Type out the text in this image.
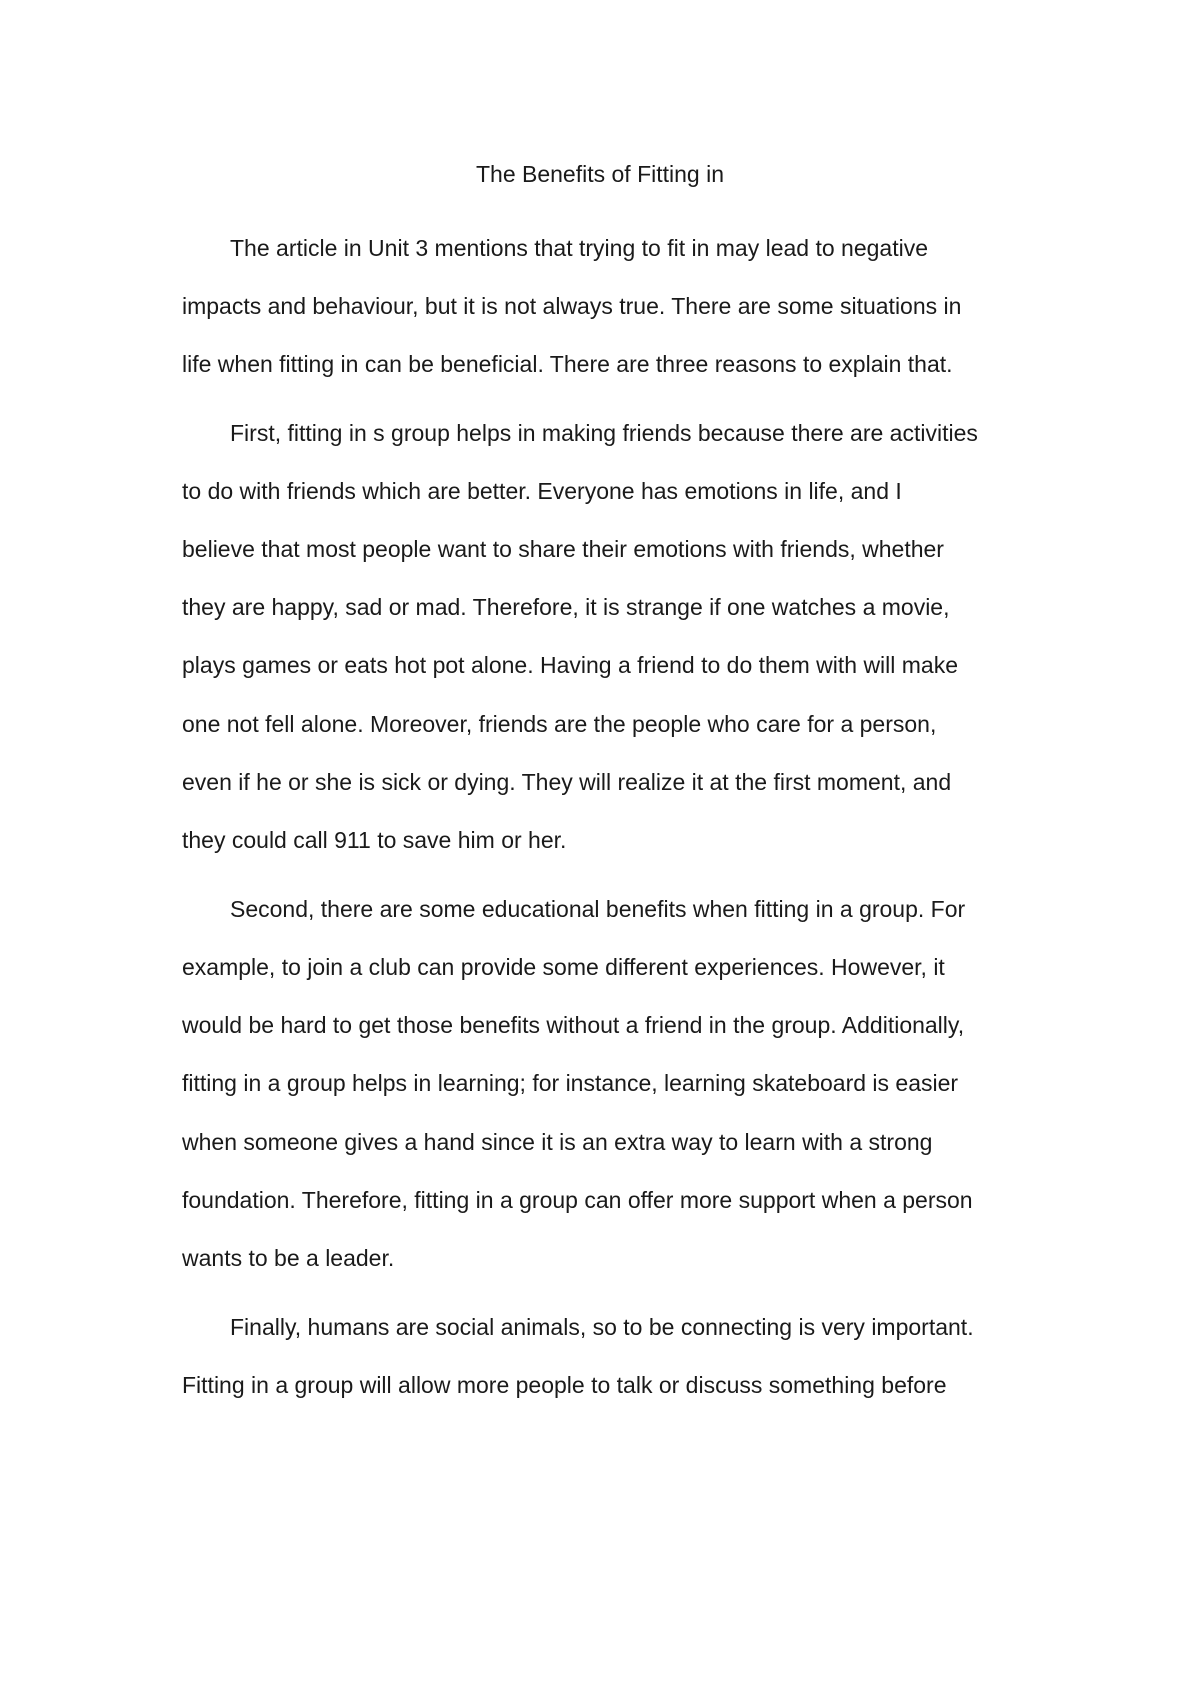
The Benefits of Fitting in
The article in Unit 3 mentions that trying to fit in may lead to negative
impacts and behaviour, but it is not always true. There are some situations in
life when fitting in can be beneficial. There are three reasons to explain that.
First, fitting in s group helps in making friends because there are activities
to do with friends which are better. Everyone has emotions in life, and I
believe that most people want to share their emotions with friends, whether
they are happy, sad or mad. Therefore, it is strange if one watches a movie,
plays games or eats hot pot alone. Having a friend to do them with will make
one not fell alone. Moreover, friends are the people who care for a person,
even if he or she is sick or dying. They will realize it at the first moment, and
they could call 911 to save him or her.
Second, there are some educational benefits when fitting in a group. For
example, to join a club can provide some different experiences. However, it
would be hard to get those benefits without a friend in the group. Additionally,
fitting in a group helps in learning; for instance, learning skateboard is easier
when someone gives a hand since it is an extra way to learn with a strong
foundation. Therefore, fitting in a group can offer more support when a person
wants to be a leader.
Finally, humans are social animals, so to be connecting is very important.
Fitting in a group will allow more people to talk or discuss something before
